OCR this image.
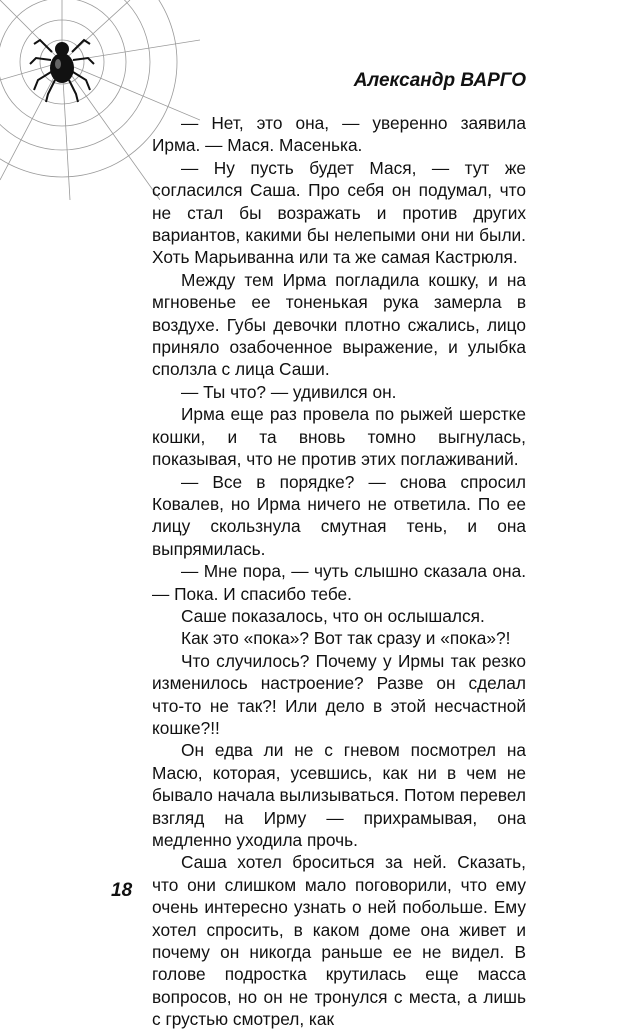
Александр ВАРГО

— Нет, это она, — уверенно заявила Ирма. — Мася. Масенька.

— Ну пусть будет Мася, — тут же согласился Саша. Про себя он подумал, что не стал бы возражать и против других вариантов, какими бы нелепыми они ни были. Хоть Марьиванна или та же самая Кастрюля.

Между тем Ирма погладила кошку, и на мгновенье ее тоненькая рука замерла в воздухе. Губы девочки плотно сжались, лицо приняло озабоченное выражение, и улыбка сползла с лица Саши.

— Ты что? — удивился он.

Ирма еще раз провела по рыжей шерстке кошки, и та вновь томно выгнулась, показывая, что не против этих поглаживаний.

— Все в порядке? — снова спросил Ковалев, но Ирма ничего не ответила. По ее лицу скользнула смутная тень, и она выпрямилась.

— Мне пора, — чуть слышно сказала она. — Пока. И спасибо тебе.

Саше показалось, что он ослышался.

Как это «пока»? Вот так сразу и «пока»?!

Что случилось? Почему у Ирмы так резко изменилось настроение? Разве он сделал что-то не так?! Или дело в этой несчастной кошке?!!

Он едва ли не с гневом посмотрел на Масю, которая, усевшись, как ни в чем не бывало начала вылизываться. Потом перевел взгляд на Ирму — прихрамывая, она медленно уходила прочь.

Саша хотел броситься за ней. Сказать, что они слишком мало поговорили, что ему очень интересно узнать о ней побольше. Ему хотел спросить, в каком доме она живет и почему он никогда раньше ее не видел. В голове подростка крутилась еще масса вопросов, но он не тронулся с места, а лишь с грустью смотрел, как

18
